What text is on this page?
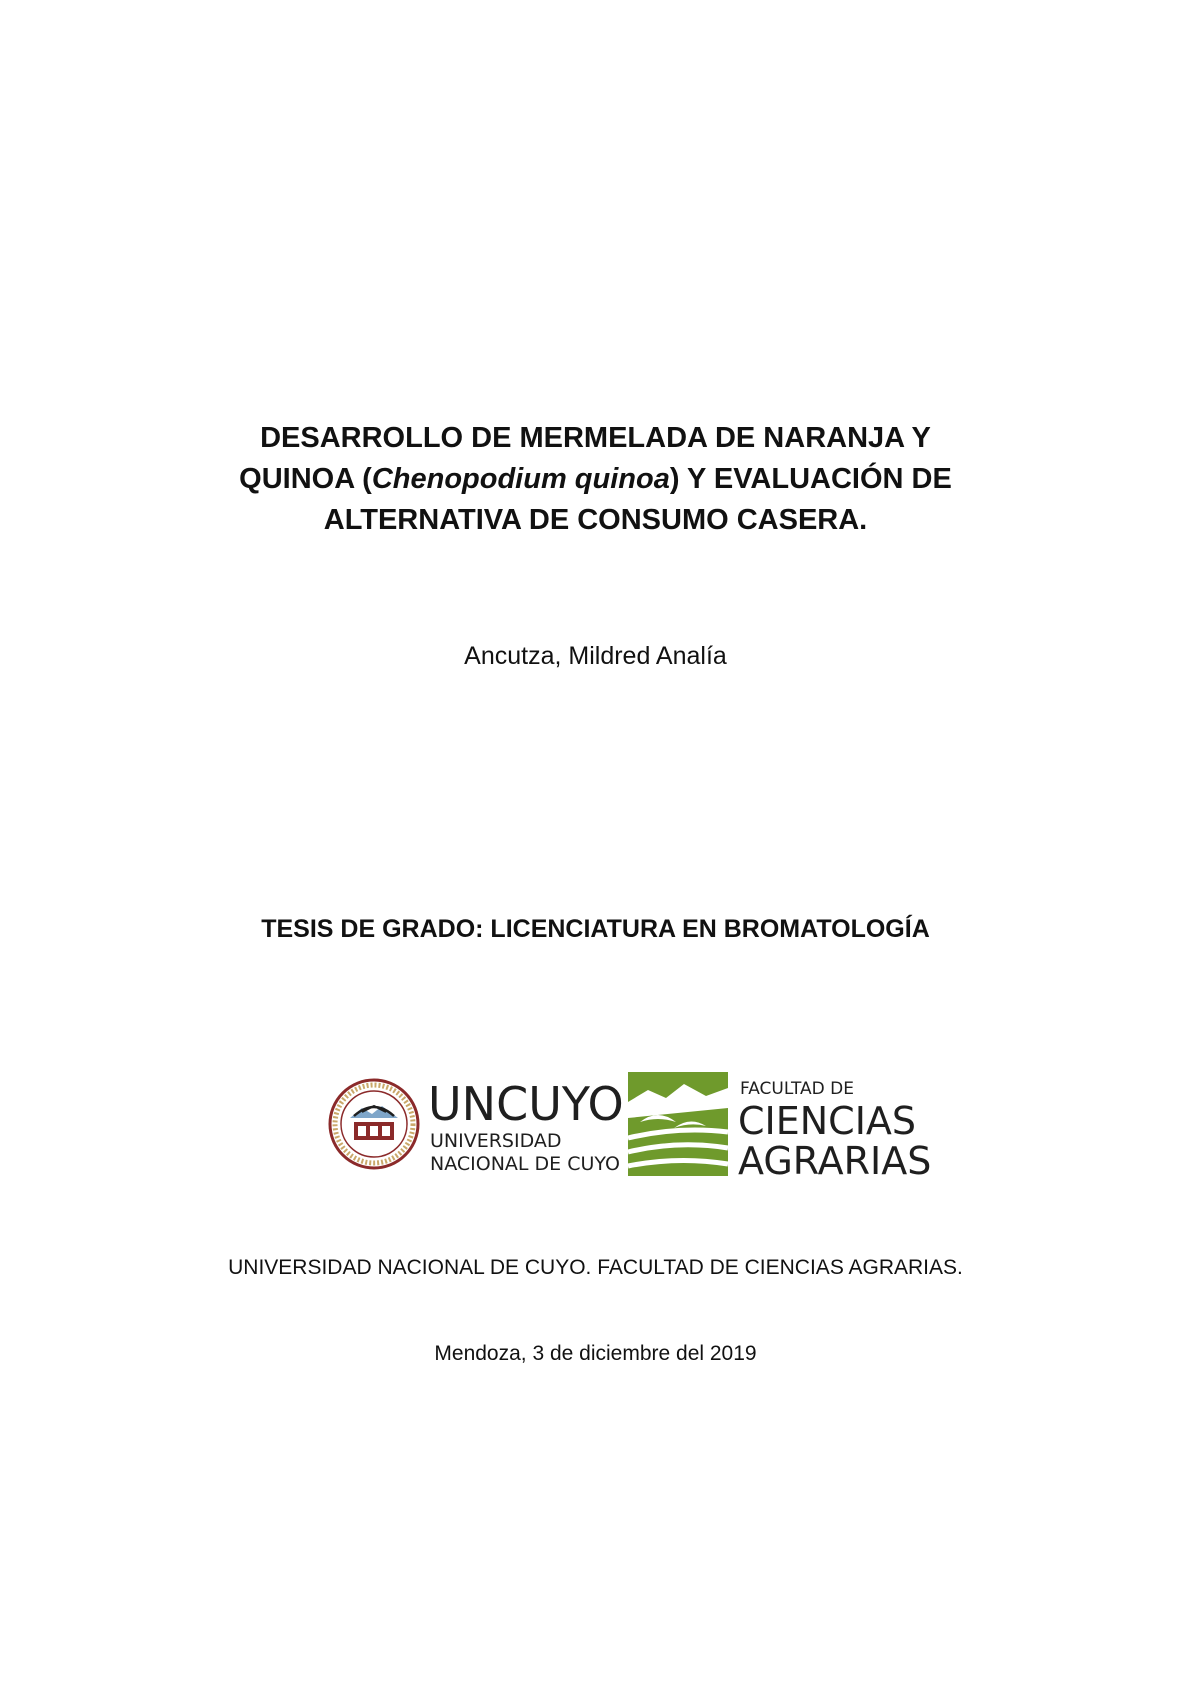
DESARROLLO DE MERMELADA DE NARANJA Y
QUINOA (Chenopodium quinoa) Y EVALUACIÓN DE
ALTERNATIVA DE CONSUMO CASERA.
Ancutza, Mildred Analía
TESIS DE GRADO: LICENCIATURA EN BROMATOLOGÍA
UNCUYO
UNIVERSIDAD
NACIONAL DE CUYO
FACULTAD DE
CIENCIAS
AGRARIAS
UNIVERSIDAD NACIONAL DE CUYO. FACULTAD DE CIENCIAS AGRARIAS.
Mendoza, 3 de diciembre del 2019
